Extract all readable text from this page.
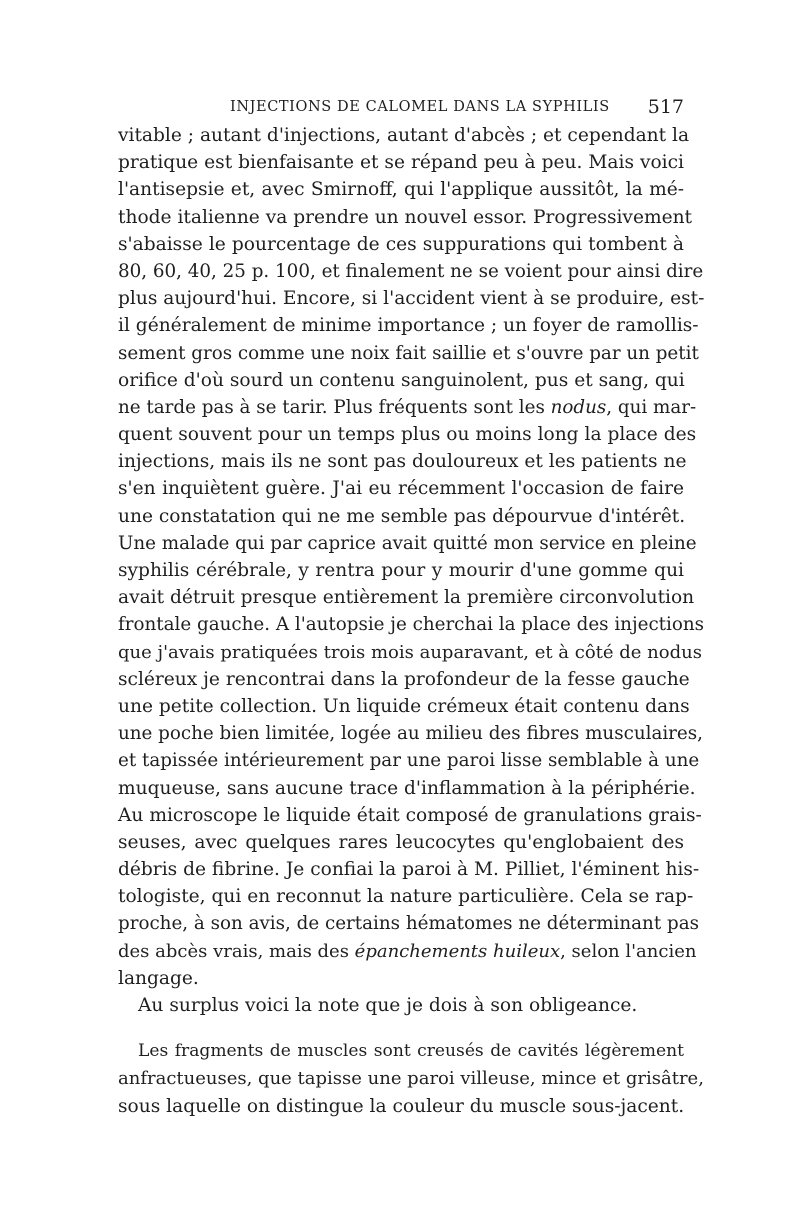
INJECTIONS DE CALOMEL DANS LA SYPHILIS 517
vitable ; autant d'injections, autant d'abcès ; et cependant la
pratique est bienfaisante et se répand peu à peu. Mais voici
l'antisepsie et, avec Smirnoff, qui l'applique aussitôt, la mé-
thode italienne va prendre un nouvel essor. Progressivement
s'abaisse le pourcentage de ces suppurations qui tombent à
80, 60, 40, 25 p. 100, et finalement ne se voient pour ainsi dire
plus aujourd'hui. Encore, si l'accident vient à se produire, est-
il généralement de minime importance ; un foyer de ramollis-
sement gros comme une noix fait saillie et s'ouvre par un petit
orifice d'où sourd un contenu sanguinolent, pus et sang, qui
ne tarde pas à se tarir. Plus fréquents sont les nodus, qui mar-
quent souvent pour un temps plus ou moins long la place des
injections, mais ils ne sont pas douloureux et les patients ne
s'en inquiètent guère. J'ai eu récemment l'occasion de faire
une constatation qui ne me semble pas dépourvue d'intérêt.
Une malade qui par caprice avait quitté mon service en pleine
syphilis cérébrale, y rentra pour y mourir d'une gomme qui
avait détruit presque entièrement la première circonvolution
frontale gauche. A l'autopsie je cherchai la place des injections
que j'avais pratiquées trois mois auparavant, et à côté de nodus
scléreux je rencontrai dans la profondeur de la fesse gauche
une petite collection. Un liquide crémeux était contenu dans
une poche bien limitée, logée au milieu des fibres musculaires,
et tapissée intérieurement par une paroi lisse semblable à une
muqueuse, sans aucune trace d'inflammation à la périphérie.
Au microscope le liquide était composé de granulations grais-
seuses, avec quelques rares leucocytes qu'englobaient des
débris de fibrine. Je confiai la paroi à M. Pilliet, l'éminent his-
tologiste, qui en reconnut la nature particulière. Cela se rap-
proche, à son avis, de certains hématomes ne déterminant pas
des abcès vrais, mais des épanchements huileux, selon l'ancien
langage.
Au surplus voici la note que je dois à son obligeance.
Les fragments de muscles sont creusés de cavités légèrement
anfractueuses, que tapisse une paroi villeuse, mince et grisâtre,
sous laquelle on distingue la couleur du muscle sous-jacent.
